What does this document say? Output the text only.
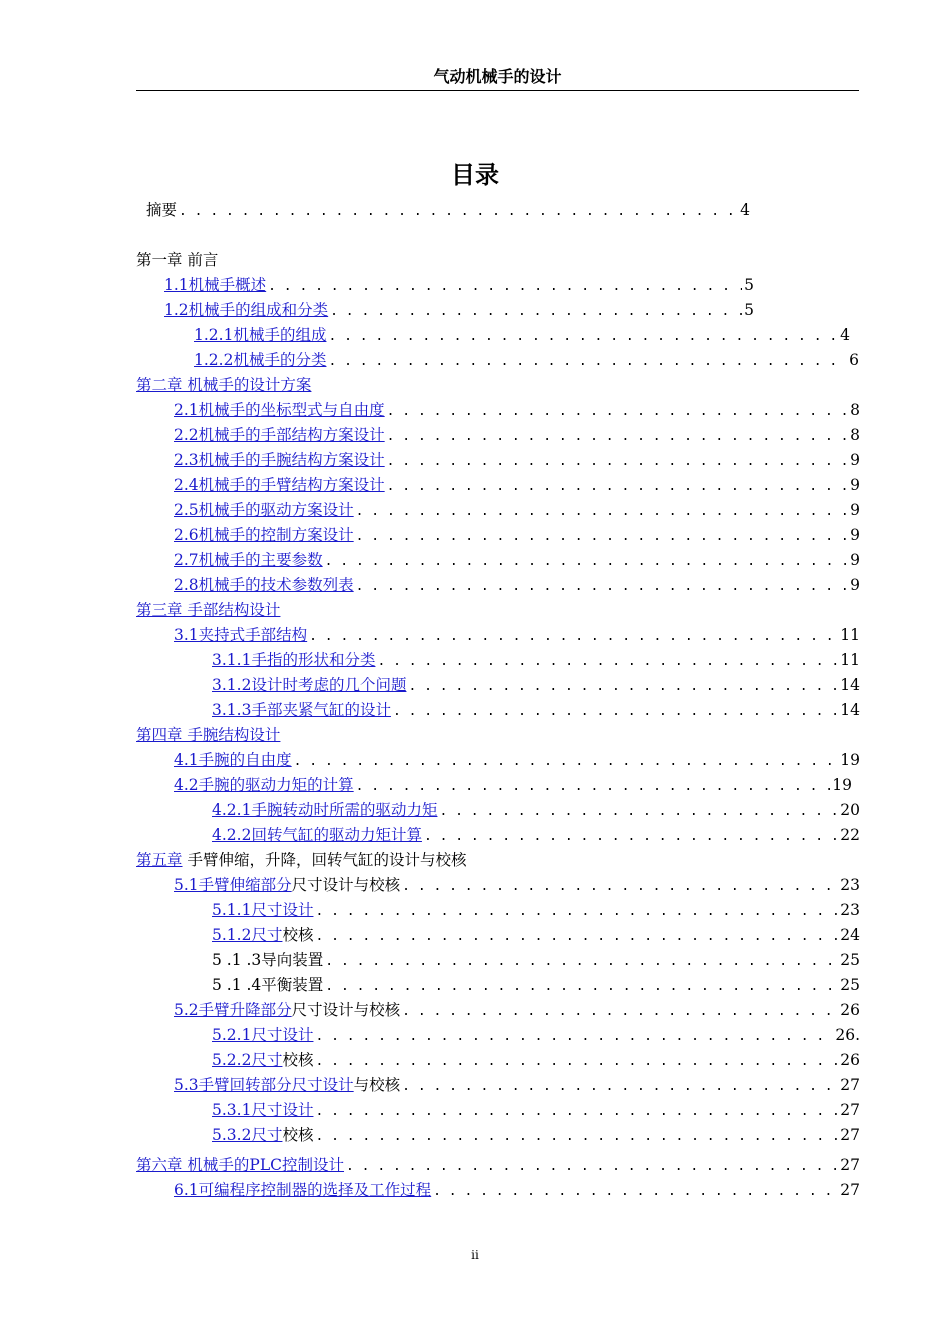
气动机械手的设计
目录
摘要 . . .	4
第一章 前言
1.1机械手概述 . . .	5
1.2机械手的组成和分类 . . .	5
1.2.1机械手的组成 . . .	4
1.2.2机械手的分类 . . .	6
第二章 机械手的设计方案
2.1机械手的坐标型式与自由度 . . .	8
2.2机械手的手部结构方案设计 . . .	8
2.3机械手的手腕结构方案设计 . . .	9
2.4机械手的手臂结构方案设计 . . .	9
2.5机械手的驱动方案设计 . . .	9
2.6机械手的控制方案设计 . . .	9
2.7机械手的主要参数 . . .	9
2.8机械手的技术参数列表 . . .	9
第三章 手部结构设计
3.1夹持式手部结构 . . .	11
3.1.1手指的形状和分类 . . .	11
3.1.2设计时考虑的几个问题 . . .	14
3.1.3手部夹紧气缸的设计 . . .	14
第四章 手腕结构设计
4.1手腕的自由度 . . .	19
4.2手腕的驱动力矩的计算 . . .	19
4.2.1手腕转动时所需的驱动力矩 . . .	20
4.2.2回转气缸的驱动力矩计算 . . .	22
第五章 手臂伸缩，升降，回转气缸的设计与校核
5.1手臂伸缩部分尺寸设计与校核 . . .	23
5.1.1尺寸设计 . . .	23
5.1.2尺寸校核 . . .	24
5 .1 .3导向装置 . . .	25
5 .1 .4平衡装置 . . .	25
5.2手臂升降部分尺寸设计与校核 . . .	26
5.2.1尺寸设计 . . .	26.
5.2.2尺寸校核 . . .	26
5.3手臂回转部分尺寸设计与校核 . . .	27
5.3.1尺寸设计 . . .	27
5.3.2尺寸校核 . . .	27
第六章 机械手的PLC控制设计 . . .	27
6.1可编程序控制器的选择及工作过程 . . .	27
ii
